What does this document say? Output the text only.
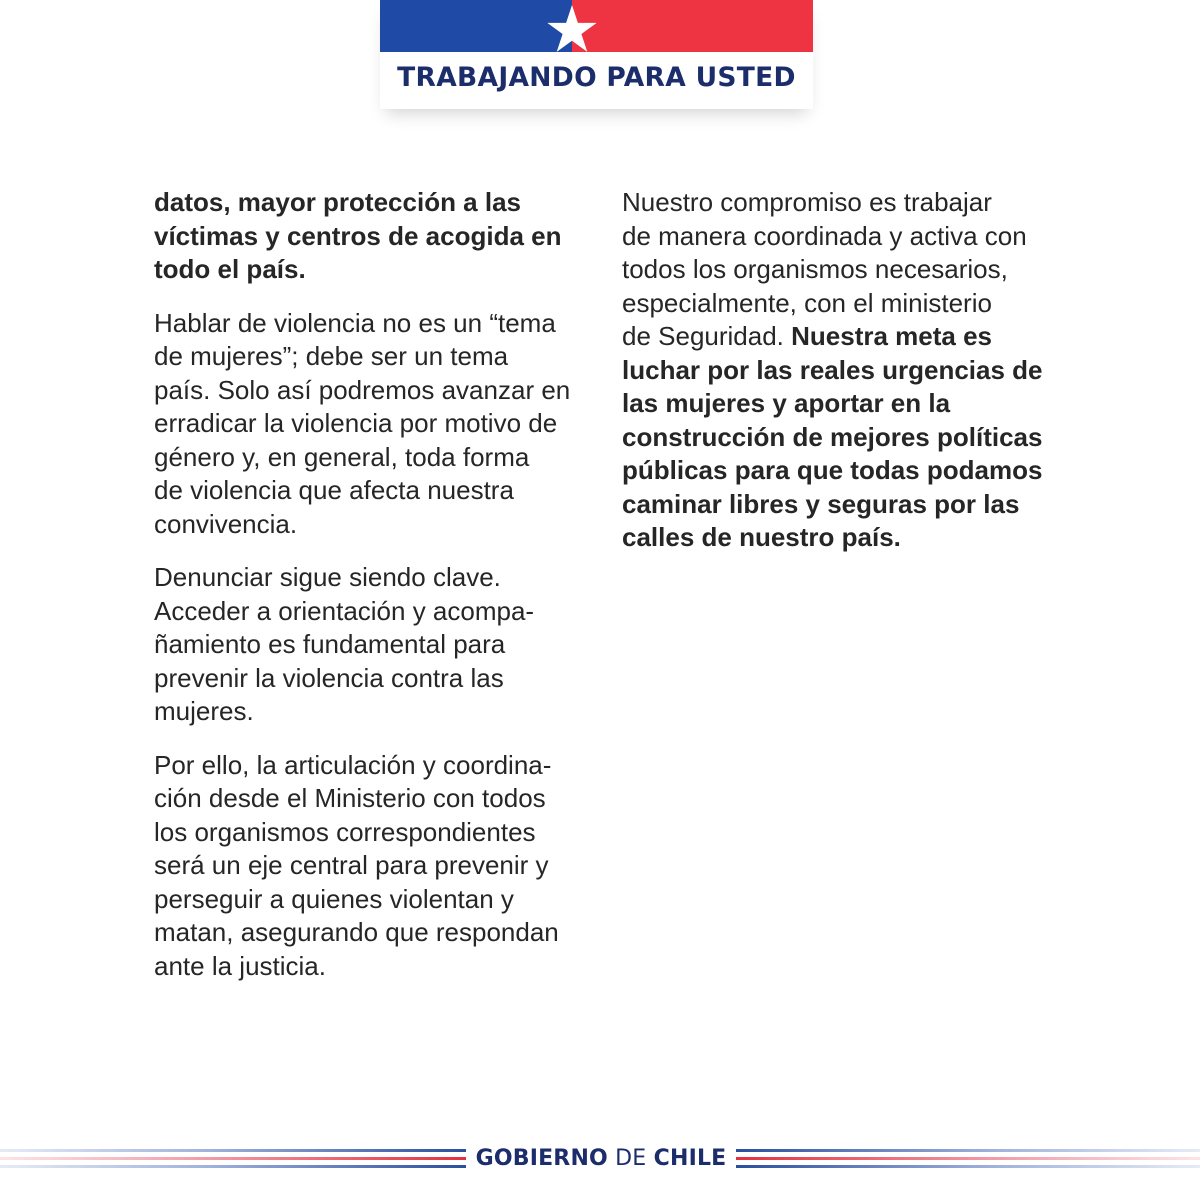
TRABAJANDO PARA USTED

datos, mayor protección a las
víctimas y centros de acogida en
todo el país.

Hablar de violencia no es un “tema
de mujeres”; debe ser un tema
país. Solo así podremos avanzar en
erradicar la violencia por motivo de
género y, en general, toda forma
de violencia que afecta nuestra
convivencia.

Denunciar sigue siendo clave.
Acceder a orientación y acompa-
ñamiento es fundamental para
prevenir la violencia contra las
mujeres.

Por ello, la articulación y coordina-
ción desde el Ministerio con todos
los organismos correspondientes
será un eje central para prevenir y
perseguir a quienes violentan y
matan, asegurando que respondan
ante la justicia.

Nuestro compromiso es trabajar
de manera coordinada y activa con
todos los organismos necesarios,
especialmente, con el ministerio
de Seguridad. Nuestra meta es
luchar por las reales urgencias de
las mujeres y aportar en la
construcción de mejores políticas
públicas para que todas podamos
caminar libres y seguras por las
calles de nuestro país.

GOBIERNO DE CHILE
